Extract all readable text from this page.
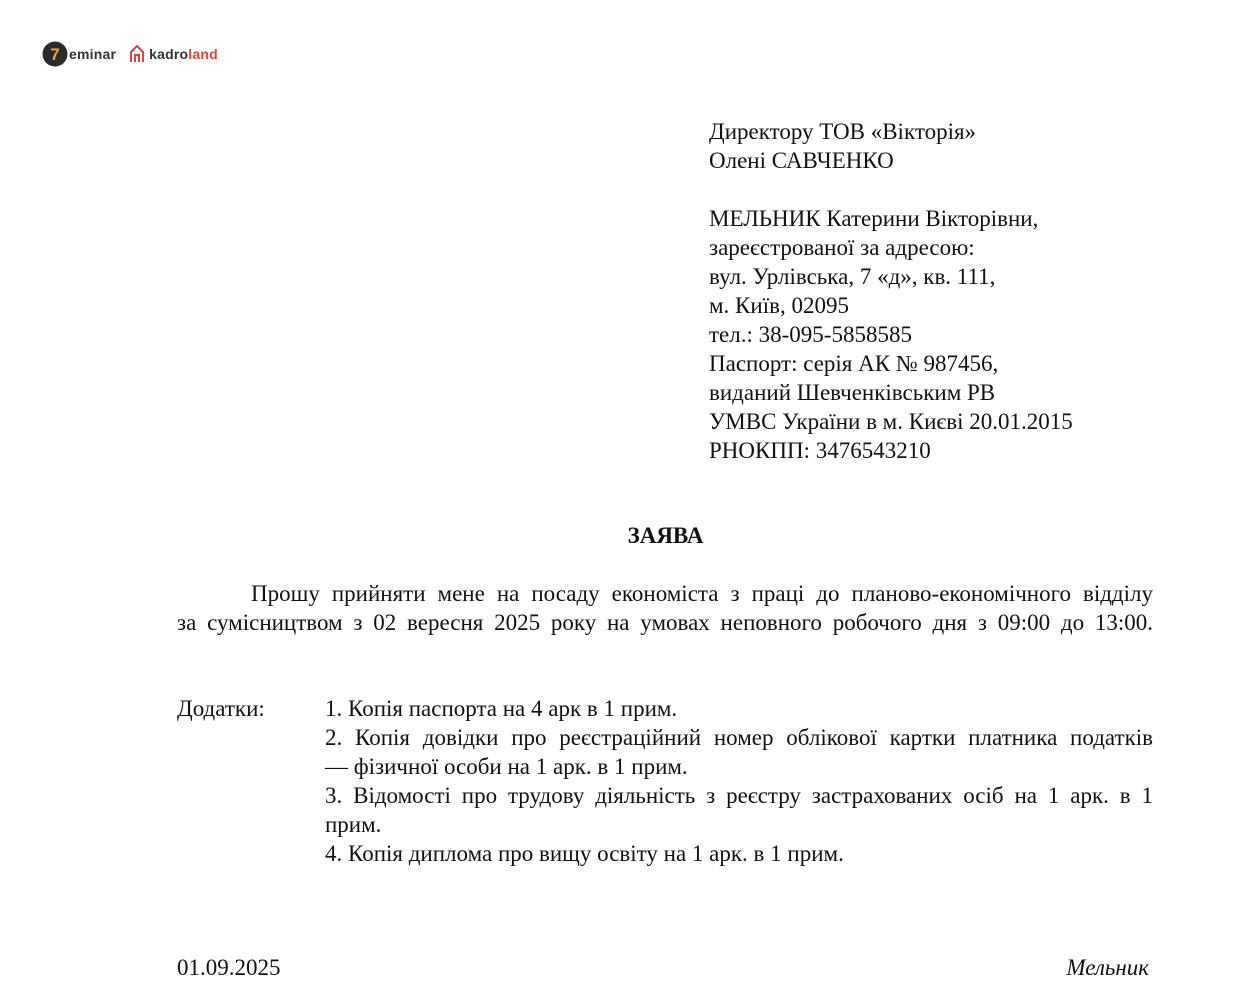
7 eminar kadroland
Директору ТОВ «Вікторія»
Олені САВЧЕНКО
МЕЛЬНИК Катерини Вікторівни,
зареєстрованої за адресою:
вул. Урлівська, 7 «д», кв. 111,
м. Київ, 02095
тел.: 38-095-5858585
Паспорт: серія АК № 987456,
виданий Шевченківським РВ
УМВС України в м. Києві 20.01.2015
РНОКПП: 3476543210
ЗАЯВА
Прошу прийняти мене на посаду економіста з праці до планово-економічного відділу
за сумісництвом з 02 вересня 2025 року на умовах неповного робочого дня з 09:00 до 13:00.
Додатки:	1. Копія паспорта на 4 арк в 1 прим.
2. Копія довідки про реєстраційний номер облікової картки платника податків
— фізичної особи на 1 арк. в 1 прим.
3. Відомості про трудову діяльність з реєстру застрахованих осіб на 1 арк. в 1
прим.
4. Копія диплома про вищу освіту на 1 арк. в 1 прим.
01.09.2025	Мельник
